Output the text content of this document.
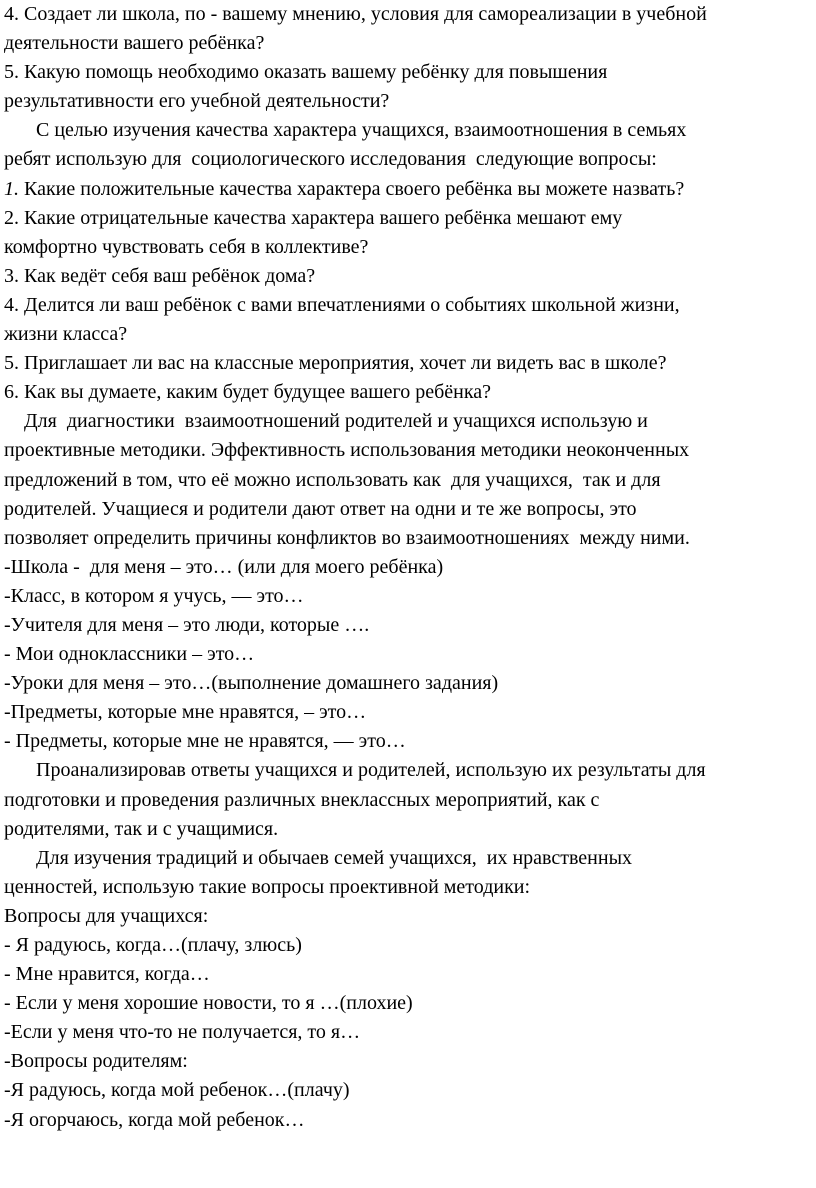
4. Создает ли школа, по - вашему мнению, условия для самореализации в учебной

деятельности вашего ребёнка?

5. Какую помощь необходимо оказать вашему ребёнку для повышения

результативности его учебной деятельности?

С целью изучения качества характера учащихся, взаимоотношения в семьях

ребят использую для  социологического исследования  следующие вопросы:

1. Какие положительные качества характера своего ребёнка вы можете назвать?

2. Какие отрицательные качества характера вашего ребёнка мешают ему

комфортно чувствовать себя в коллективе?

3. Как ведёт себя ваш ребёнок дома?

4. Делится ли ваш ребёнок с вами впечатлениями о событиях школьной жизни,

жизни класса?

5. Приглашает ли вас на классные мероприятия, хочет ли видеть вас в школе?

6. Как вы думаете, каким будет будущее вашего ребёнка?

Для  диагностики  взаимоотношений родителей и учащихся использую и

проективные методики. Эффективность использования методики неоконченных

предложений в том, что её можно использовать как  для учащихся,  так и для

родителей. Учащиеся и родители дают ответ на одни и те же вопросы, это

позволяет определить причины конфликтов во взаимоотношениях  между ними.

-Школа -  для меня – это… (или для моего ребёнка)

-Класс, в котором я учусь, — это…

-Учителя для меня – это люди, которые ….

- Мои одноклассники – это…

-Уроки для меня – это…(выполнение домашнего задания)

-Предметы, которые мне нравятся, – это…

- Предметы, которые мне не нравятся, — это…

Проанализировав ответы учащихся и родителей, использую их результаты для

подготовки и проведения различных внеклассных мероприятий, как с

родителями, так и с учащимися.

Для изучения традиций и обычаев семей учащихся,  их нравственных

ценностей, использую такие вопросы проективной методики:

Вопросы для учащихся:

- Я радуюсь, когда…(плачу, злюсь)

- Мне нравится, когда…

- Если у меня хорошие новости, то я …(плохие)

-Если у меня что-то не получается, то я…

-Вопросы родителям:

-Я радуюсь, когда мой ребенок…(плачу)

-Я огорчаюсь, когда мой ребенок…
